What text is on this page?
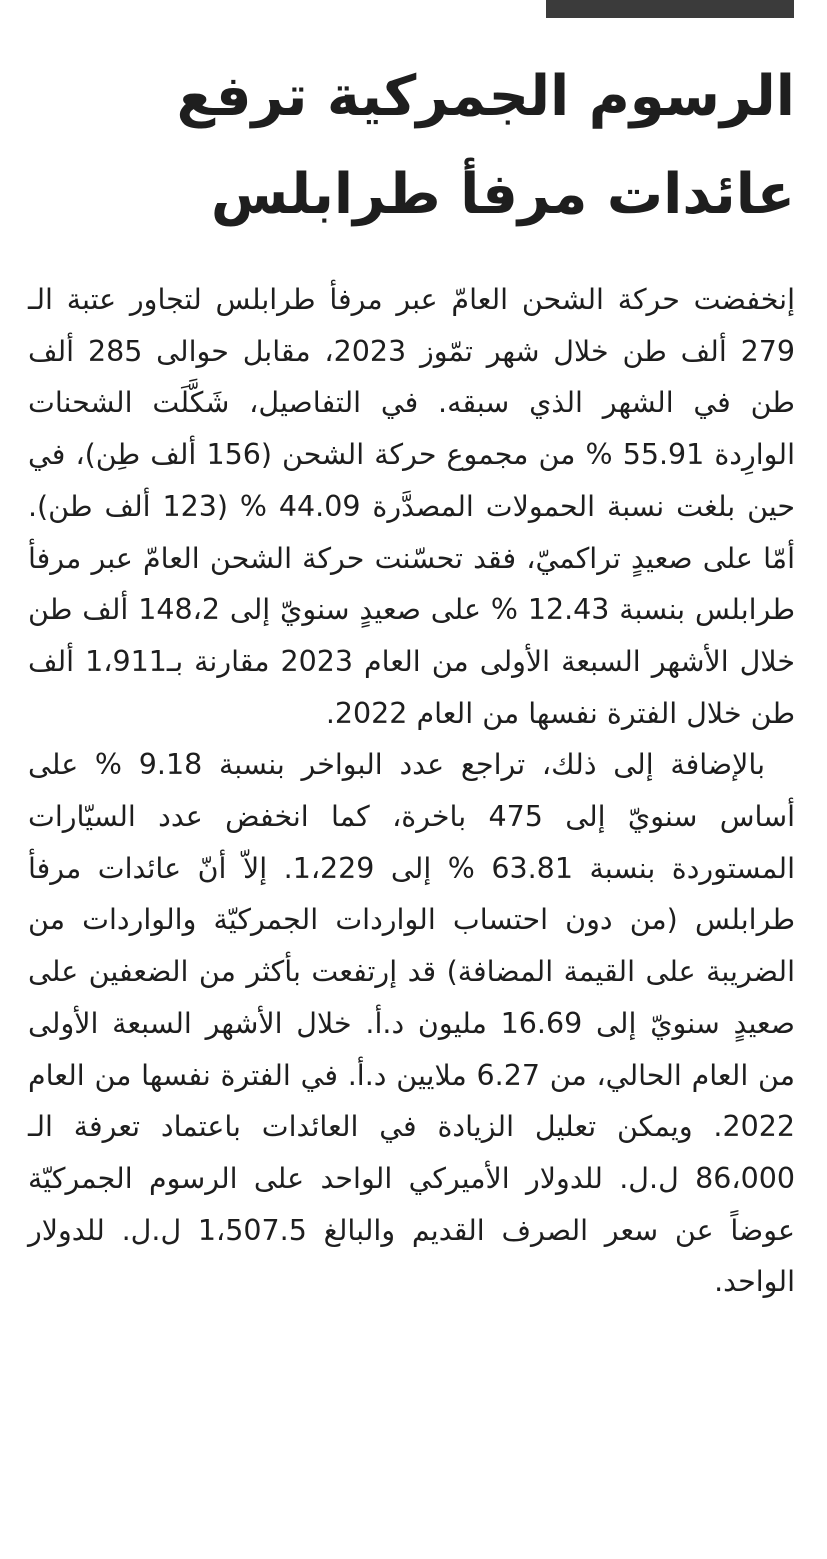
الرسوم الجمركية ترفع
عائدات مرفأ طرابلس

إنخفضت حركة الشحن العامّ عبر مرفأ طرابلس لتجاور عتبة الـ 279 ألف طن خلال شهر تمّوز 2023، مقابل حوالى 285 ألف طن في الشهر الذي سبقه. في التفاصيل، شَكَّلَت الشحنات الوارِدة 55.91 % من مجموع حركة الشحن (156 ألف طِن)، في حين بلغت نسبة الحمولات المصدَّرة 44.09 % (123 ألف طن). أمّا على صعيدٍ تراكميّ، فقد تحسّنت حركة الشحن العامّ عبر مرفأ طرابلس بنسبة 12.43 % على صعيدٍ سنويّ إلى 148،2 ألف طن خلال الأشهر السبعة الأولى من العام 2023 مقارنة بـ1،911 ألف طن خلال الفترة نفسها من العام 2022.

بالإضافة إلى ذلك، تراجع عدد البواخر بنسبة 9.18 % على أساس سنويّ إلى 475 باخرة، كما انخفض عدد السيّارات المستوردة بنسبة 63.81 % إلى 1،229. إلاّ أنّ عائدات مرفأ طرابلس (من دون احتساب الواردات الجمركيّة والواردات من الضريبة على القيمة المضافة) قد إرتفعت بأكثر من الضعفين على صعيدٍ سنويّ إلى 16.69 مليون د.أ. خلال الأشهر السبعة الأولى من العام الحالي، من 6.27 ملايين د.أ. في الفترة نفسها من العام 2022. ويمكن تعليل الزيادة في العائدات باعتماد تعرفة الـ 86،000 ل.ل. للدولار الأميركي الواحد على الرسوم الجمركيّة عوضاً عن سعر الصرف القديم والبالغ 1،507.5 ل.ل. للدولار الواحد.
